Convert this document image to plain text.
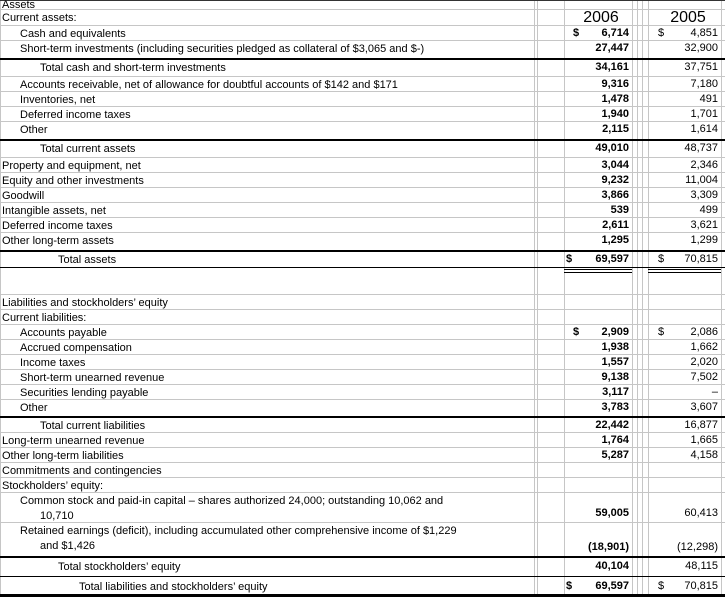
Assets
Current assets:	2006	2005
Cash and equivalents	$ 6,714	$ 4,851
Short-term investments (including securities pledged as collateral of $3,065 and $-)	27,447	32,900
Total cash and short-term investments	34,161	37,751
Accounts receivable, net of allowance for doubtful accounts of $142 and $171	9,316	7,180
Inventories, net	1,478	491
Deferred income taxes	1,940	1,701
Other	2,115	1,614
Total current assets	49,010	48,737
Property and equipment, net	3,044	2,346
Equity and other investments	9,232	11,004
Goodwill	3,866	3,309
Intangible assets, net	539	499
Deferred income taxes	2,611	3,621
Other long-term assets	1,295	1,299
Total assets	$ 69,597	$ 70,815
Liabilities and stockholders’ equity
Current liabilities:
Accounts payable	$ 2,909	$ 2,086
Accrued compensation	1,938	1,662
Income taxes	1,557	2,020
Short-term unearned revenue	9,138	7,502
Securities lending payable	3,117	–
Other	3,783	3,607
Total current liabilities	22,442	16,877
Long-term unearned revenue	1,764	1,665
Other long-term liabilities	5,287	4,158
Commitments and contingencies
Stockholders’ equity:
Common stock and paid-in capital – shares authorized 24,000; outstanding 10,062 and
10,710	59,005	60,413
Retained earnings (deficit), including accumulated other comprehensive income of $1,229
and $1,426	(18,901)	(12,298)
Total stockholders’ equity	40,104	48,115
Total liabilities and stockholders’ equity	$ 69,597	$ 70,815
